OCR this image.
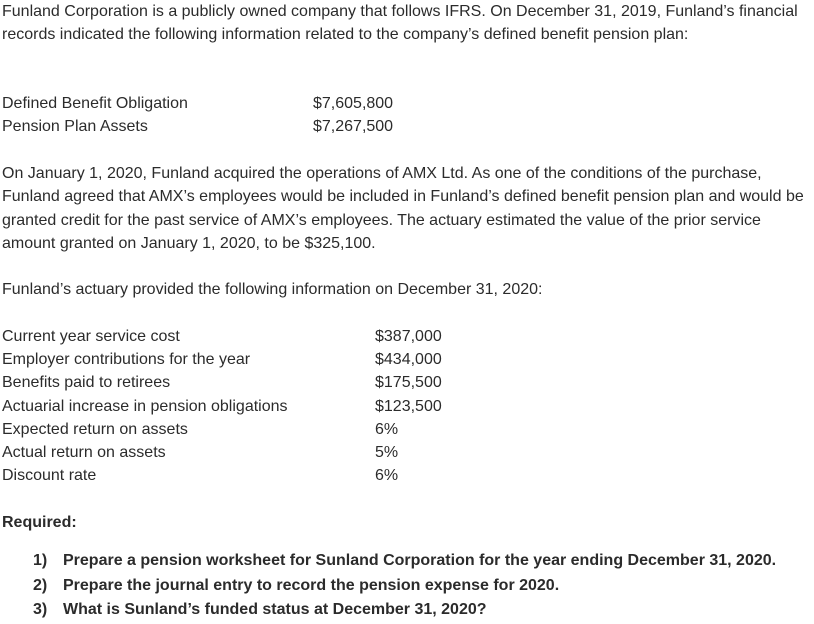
Funland Corporation is a publicly owned company that follows IFRS. On December 31, 2019, Funland’s financial records indicated the following information related to the company’s defined benefit pension plan:

Defined Benefit Obligation	$7,605,800
Pension Plan Assets	$7,267,500

On January 1, 2020, Funland acquired the operations of AMX Ltd. As one of the conditions of the purchase, Funland agreed that AMX’s employees would be included in Funland’s defined benefit pension plan and would be granted credit for the past service of AMX’s employees. The actuary estimated the value of the prior service amount granted on January 1, 2020, to be $325,100.

Funland’s actuary provided the following information on December 31, 2020:

Current year service cost	$387,000
Employer contributions for the year	$434,000
Benefits paid to retirees	$175,500
Actuarial increase in pension obligations	$123,500
Expected return on assets	6%
Actual return on assets	5%
Discount rate	6%
Required:
1) Prepare a pension worksheet for Sunland Corporation for the year ending December 31, 2020.
2) Prepare the journal entry to record the pension expense for 2020.
3) What is Sunland’s funded status at December 31, 2020?
